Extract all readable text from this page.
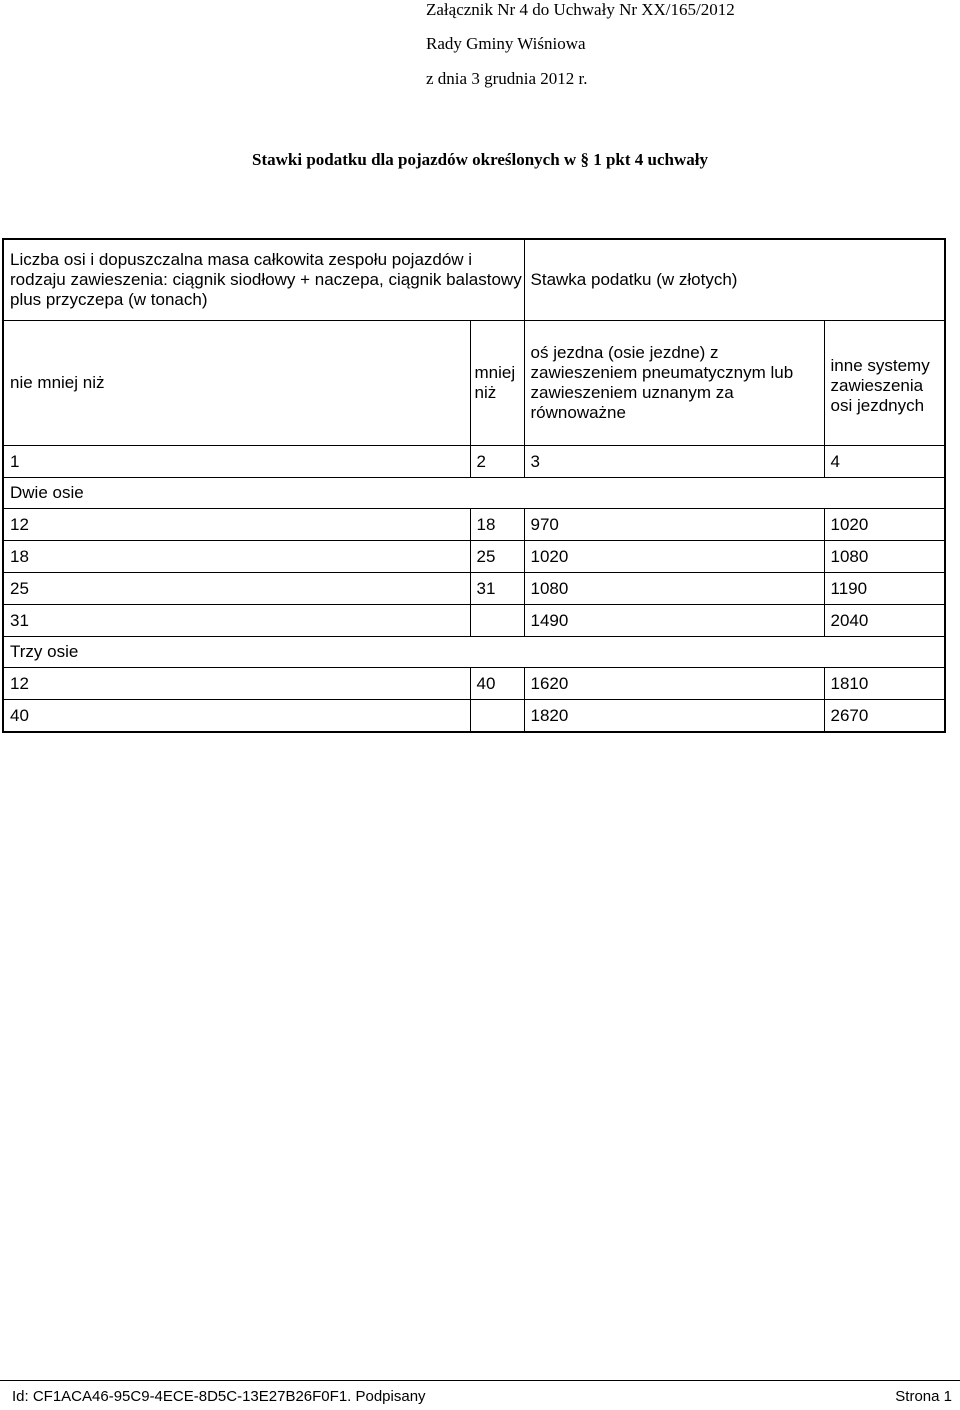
Załącznik Nr 4 do Uchwały Nr XX/165/2012
Rady Gminy Wiśniowa
z dnia 3 grudnia 2012 r.
Stawki podatku dla pojazdów określonych w § 1 pkt 4 uchwały
Liczba osi i dopuszczalna masa całkowita zespołu pojazdów i rodzaju zawieszenia: ciągnik siodłowy + naczepa, ciągnik balastowy plus przyczepa (w tonach)		Stawka podatku (w złotych)	
nie mniej niż	mniej niż	oś jezdna (osie jezdne) z zawieszeniem pneumatycznym lub zawieszeniem uznanym za równoważne	inne systemy zawieszenia osi jezdnych
1	2	3	4
Dwie osie			
12	18	970	1020
18	25	1020	1080
25	31	1080	1190
31		1490	2040
Trzy osie			
12	40	1620	1810
40		1820	2670
Id: CF1ACA46-95C9-4ECE-8D5C-13E27B26F0F1. Podpisany	Strona 1
